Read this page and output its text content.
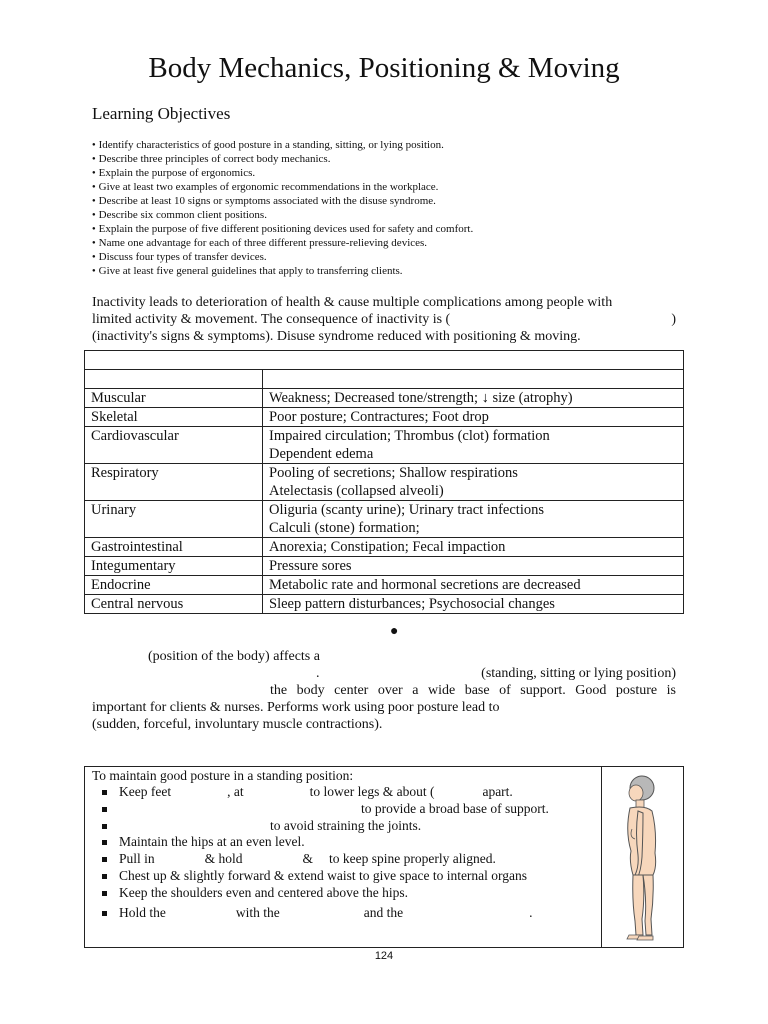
Body Mechanics, Positioning & Moving
Learning Objectives
● Identify characteristics of good posture in a standing, sitting, or lying position.
● Describe three principles of correct body mechanics.
● Explain the purpose of ergonomics.
● Give at least two examples of ergonomic recommendations in the workplace.
● Describe at least 10 signs or symptoms associated with the disuse syndrome.
● Describe six common client positions.
● Explain the purpose of five different positioning devices used for safety and comfort.
● Name one advantage for each of three different pressure-relieving devices.
● Discuss four types of transfer devices.
● Give at least five general guidelines that apply to transferring clients.
Inactivity leads to deterioration of health & cause multiple complications among people with
limited activity & movement. The consequence of inactivity is (	)
(inactivity's signs & symptoms). Disuse syndrome reduced with positioning & moving.

Muscular	Weakness; Decreased tone/strength; ↓ size (atrophy)

Skeletal	Poor posture; Contractures; Foot drop

Cardiovascular	Impaired circulation; Thrombus (clot) formation
Dependent edema

Respiratory	Pooling of secretions; Shallow respirations
Atelectasis (collapsed alveoli)

Urinary	Oliguria (scanty urine); Urinary tract infections
Calculi (stone) formation;

Gastrointestinal	Anorexia; Constipation; Fecal impaction

Integumentary	Pressure sores

Endocrine	Metabolic rate and hormonal secretions are decreased

Central nervous	Sleep pattern disturbances; Psychosocial changes
●
(position of the body) affects a
.	(standing, sitting or lying position)
the body center over a wide base of support. Good posture is
important for clients & nurses. Performs work using poor posture lead to
(sudden, forceful, involuntary muscle contractions).
To maintain good posture in a standing position:
Keep feet	, at	to lower legs & about (	apart.
to provide a broad base of support.
to avoid straining the joints.
Maintain the hips at an even level.
Pull in	& hold	& to keep spine properly aligned.
Chest up & slightly forward & extend waist to give space to internal organs
Keep the shoulders even and centered above the hips.
Hold the	with the	and the	.
124
